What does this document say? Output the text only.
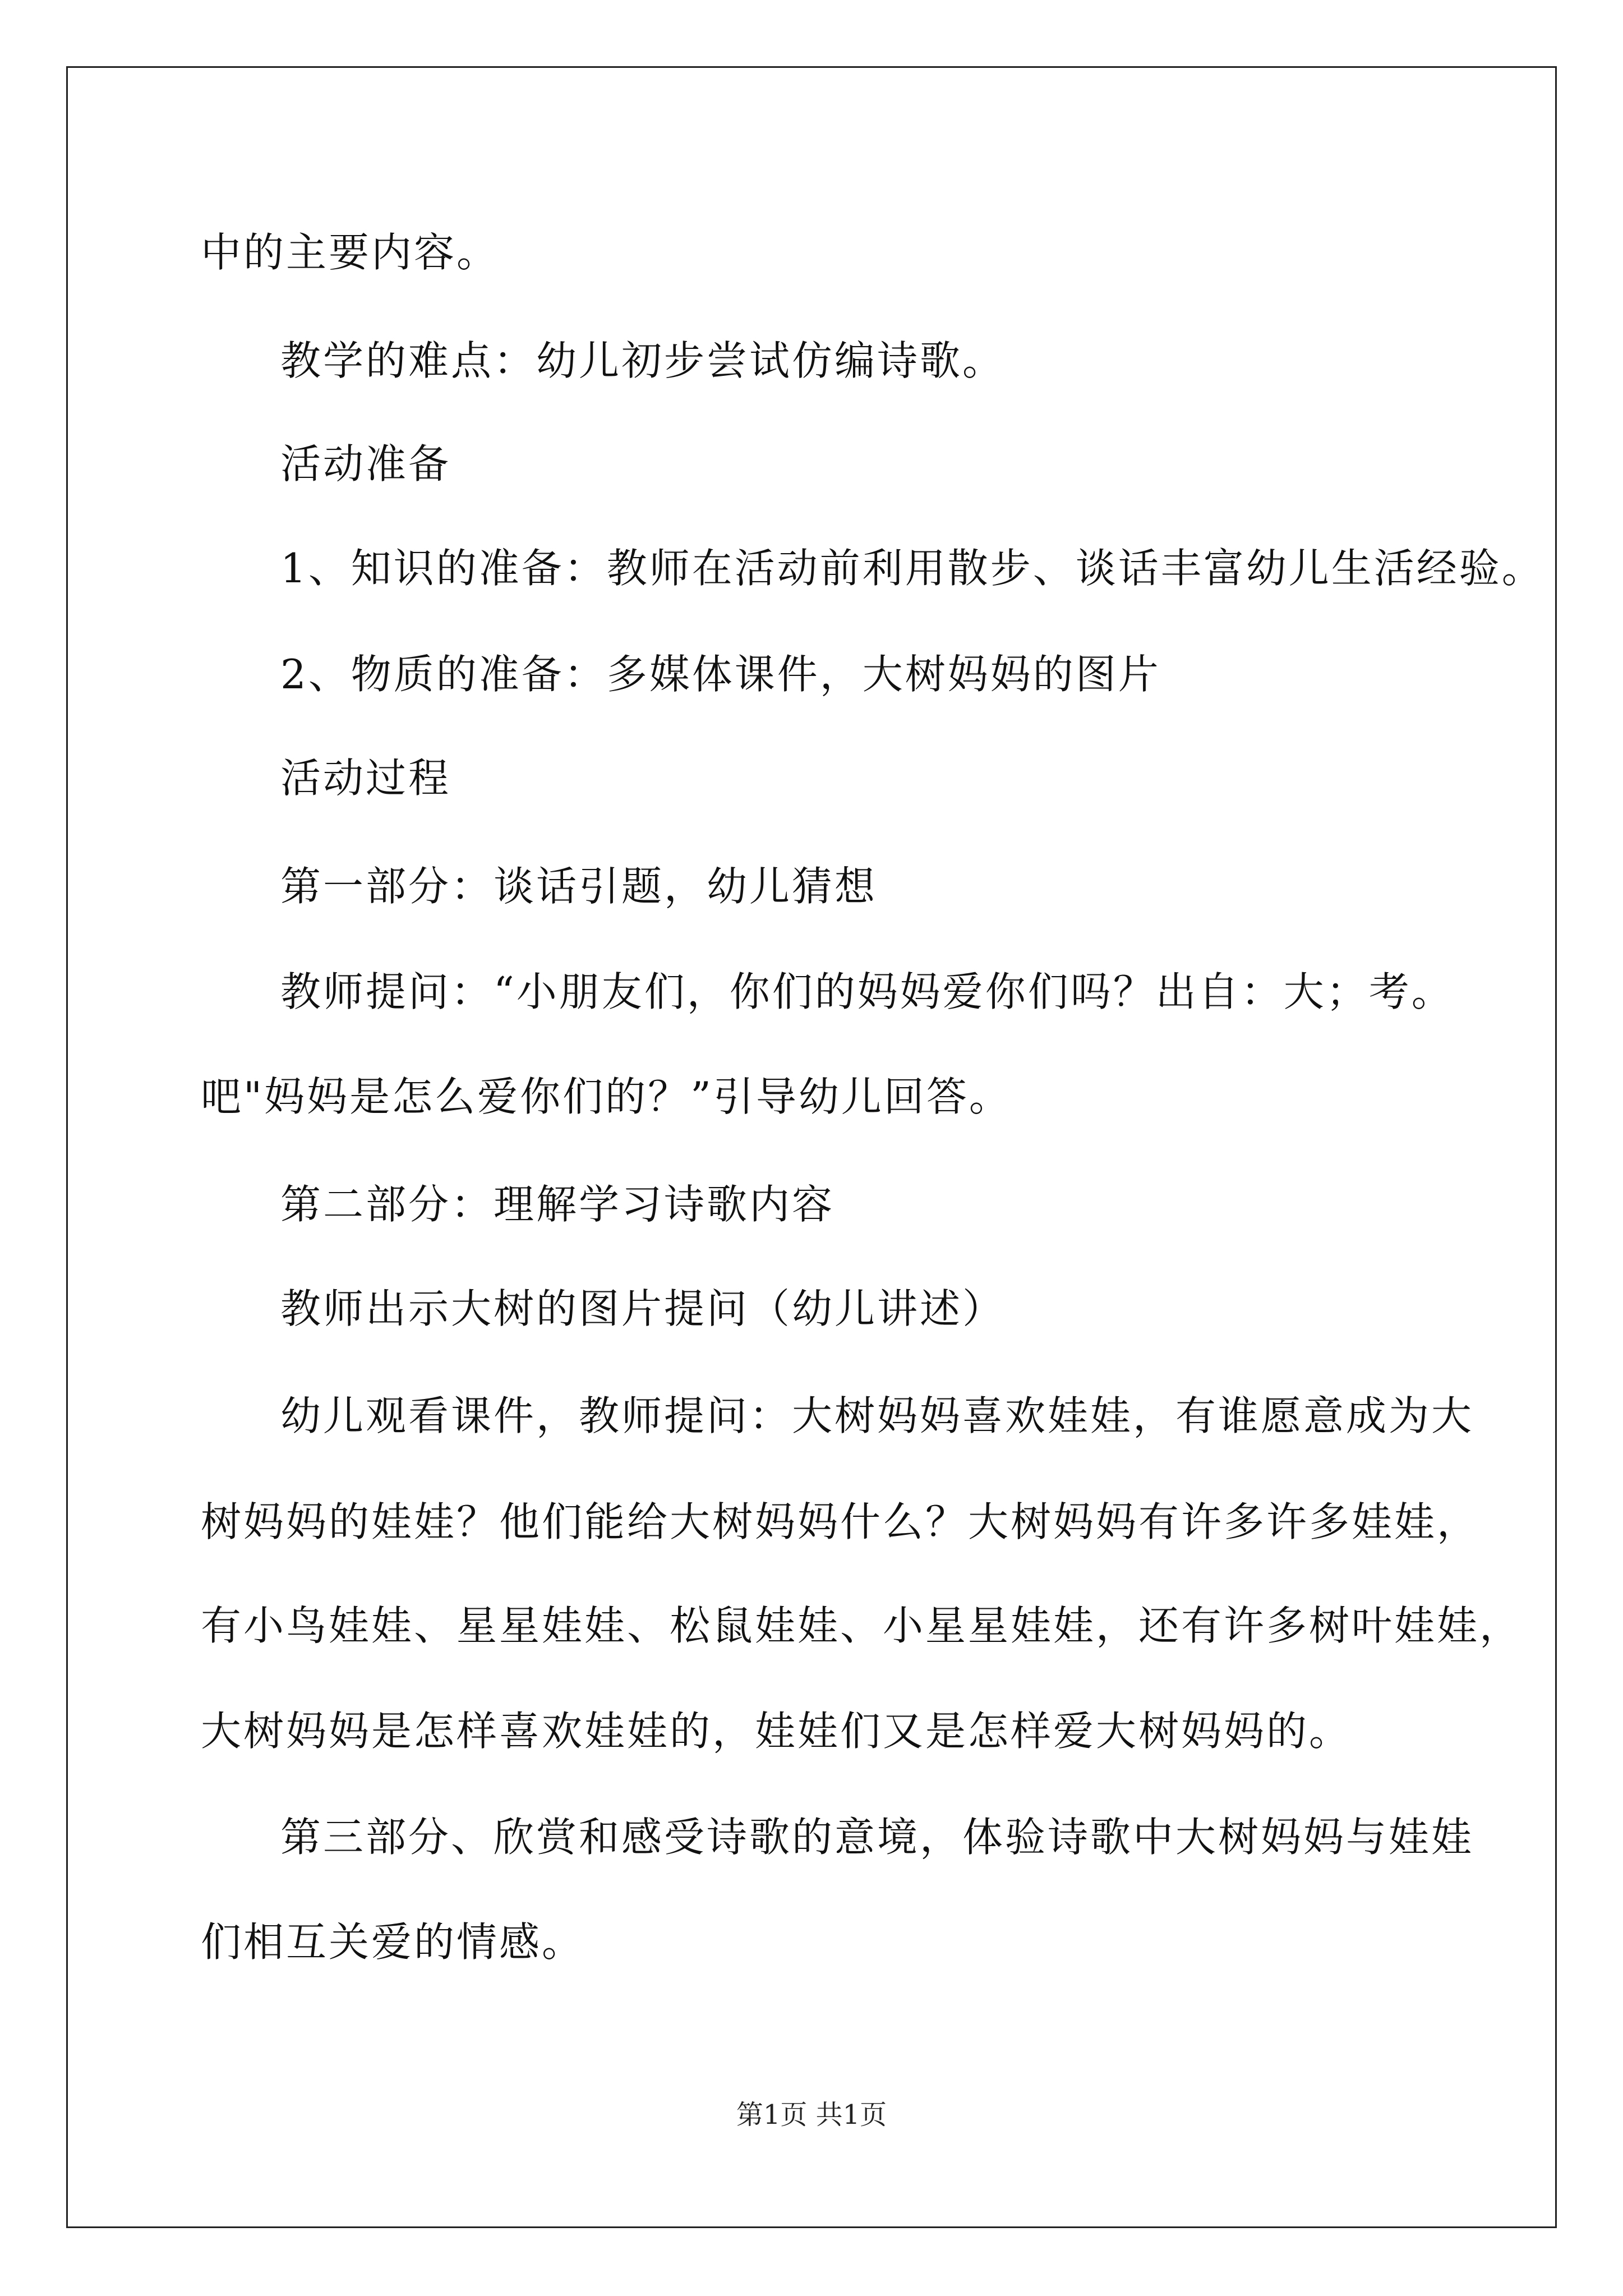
中的主要内容。
教学的难点：幼儿初步尝试仿编诗歌。
活动准备
1、知识的准备：教师在活动前利用散步、谈话丰富幼儿生活经验。
2、物质的准备：多媒体课件，大树妈妈的图片
活动过程
第一部分：谈话引题，幼儿猜想
教师提问：“小朋友们，你们的妈妈爱你们吗？出自：大；考。
吧"妈妈是怎么爱你们的？”引导幼儿回答。
第二部分：理解学习诗歌内容
教师出示大树的图片提问（幼儿讲述）
幼儿观看课件，教师提问：大树妈妈喜欢娃娃，有谁愿意成为大
树妈妈的娃娃？他们能给大树妈妈什么？大树妈妈有许多许多娃娃，
有小鸟娃娃、星星娃娃、松鼠娃娃、小星星娃娃，还有许多树叶娃娃，
大树妈妈是怎样喜欢娃娃的，娃娃们又是怎样爱大树妈妈的。
第三部分、欣赏和感受诗歌的意境，体验诗歌中大树妈妈与娃娃
们相互关爱的情感。
第1页 共1页
